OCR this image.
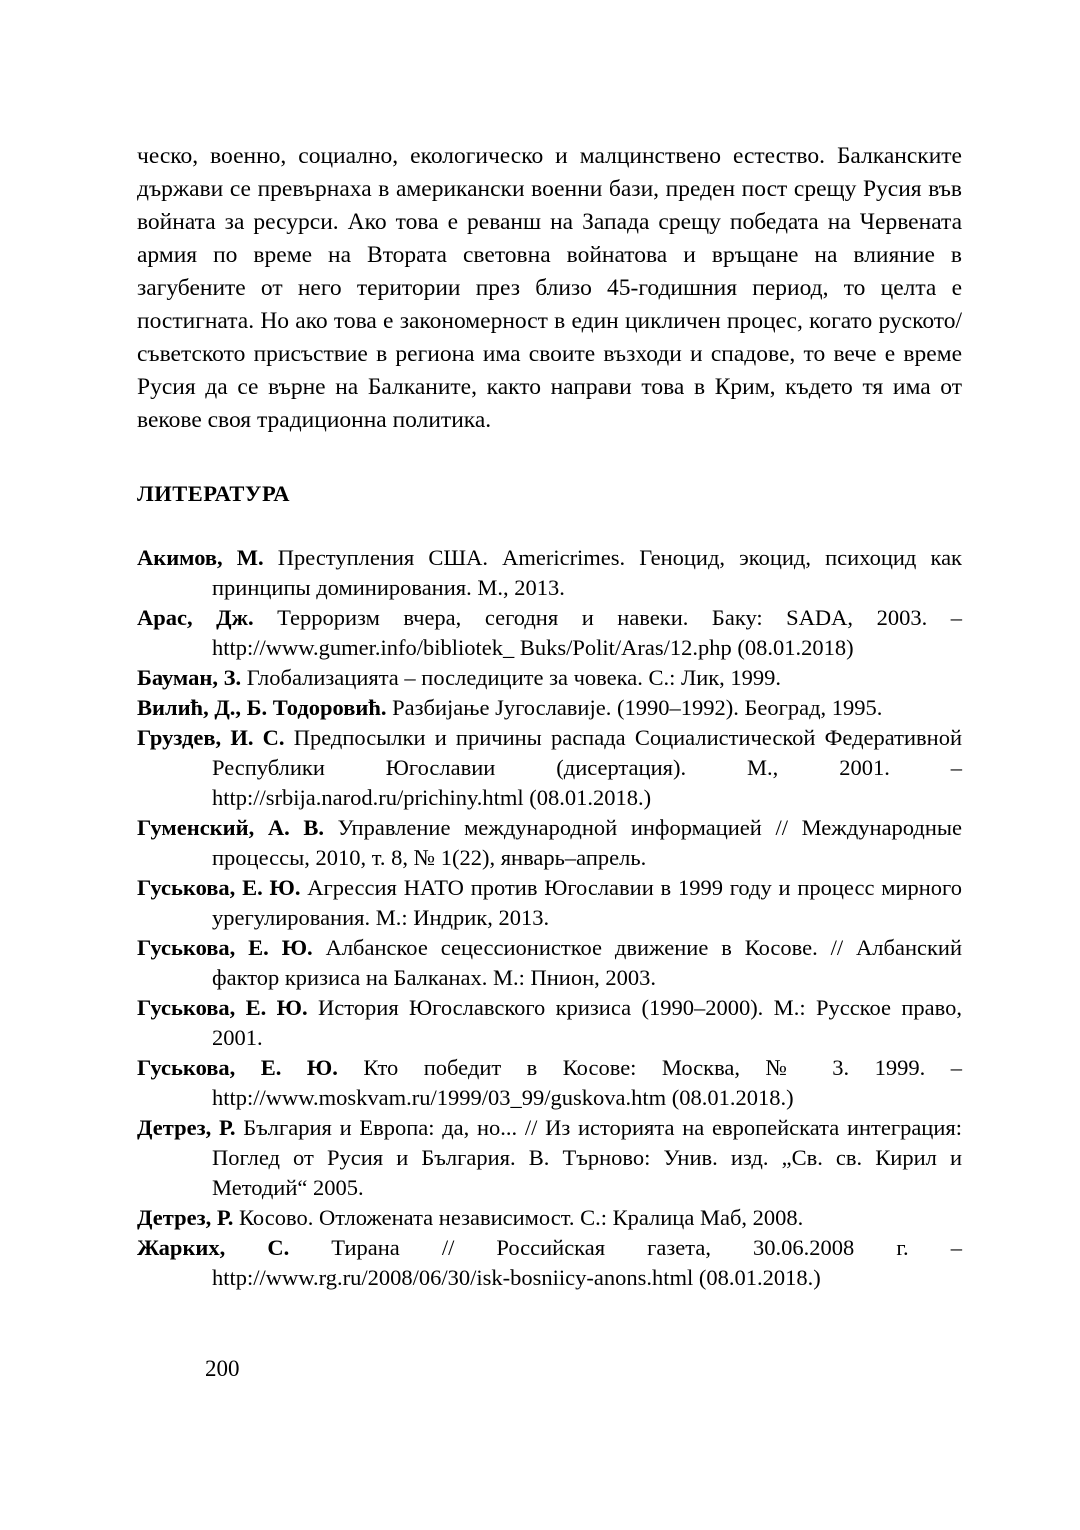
ческо, военно, социално, екологическо и малцинствено естество. Балканските държави се превърнаха в американски военни бази, преден пост срещу Русия във войната за ресурси. Ако това е реванш на Запада срещу победата на Червената армия по време на Втората световна войнатова и връщане на влияние в загубените от него територии през близо 45-годишния период, то целта е постигната. Но ако това е закономерност в един цикличен процес, когато руското/съветското присъствие в региона има своите възходи и спадове, то вече е време Русия да се върне на Балканите, както направи това в Крим, където тя има от векове своя традиционна политика.

ЛИТЕРАТУРА

Акимов, М. Преступления США. Americrimes. Геноцид, экоцид, психоцид как принципы доминирования. М., 2013.

Арас, Дж. Терроризм вчера, сегодня и навеки. Баку: SADA, 2003. – http://www.gumer.info/bibliotek_ Buks/Polit/Aras/12.php (08.01.2018)

Бауман, З. Глобализацията – последиците за човека. С.: Лик, 1999.

Вилић, Д., Б. Тодоровић. Разбијање Југославије. (1990–1992). Београд, 1995.

Груздев, И. С. Предпосылки и причины распада Социалистической Федеративной Республики Югославии (дисертация). М., 2001. – http://srbija.narod.ru/prichiny.html (08.01.2018.)

Гуменский, А. В. Управление международной информацией // Международные процессы, 2010, т. 8, № 1(22), январь–апрель.

Гуськова, Е. Ю. Агрессия НАТО против Югославии в 1999 году и процесс мирного урегулирования. М.: Индрик, 2013.

Гуськова, Е. Ю. Албанское сецессионисткое движение в Косове. // Албанский фактор кризиса на Балканах. М.: Пнион, 2003.

Гуськова, Е. Ю. История Югославского кризиса (1990–2000). М.: Русское право, 2001.

Гуськова, Е. Ю. Кто победит в Косове: Москва, № 3. 1999. – http://www.moskvam.ru/1999/03_99/guskova.htm (08.01.2018.)

Детрез, Р. България и Европа: да, но... // Из историята на европейската интеграция: Поглед от Русия и България. В. Търново: Унив. изд. „Св. св. Кирил и Методий“ 2005.

Детрез, Р. Косово. Отложената независимост. С.: Кралица Маб, 2008.

Жарких, С. Тирана // Российская газета, 30.06.2008 г. – http://www.rg.ru/2008/06/30/isk-bosniicy-anons.html (08.01.2018.)

200
